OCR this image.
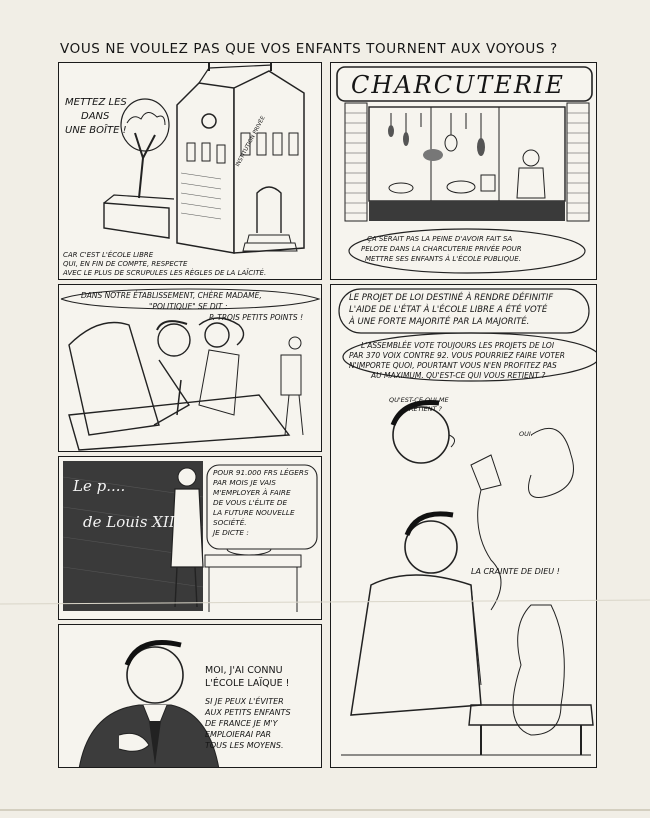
VOUS NE VOULEZ PAS QUE VOS ENFANTS TOURNENT AUX VOYOUS ?
METTEZ LES
DANS
UNE BOÎTE !	INSTITUTION PRIVÉE
CAR C'EST L'ÉCOLE LIBRE
QUI, EN FIN DE COMPTE, RESPECTE
AVEC LE PLUS DE SCRUPULES LES RÈGLES DE LA LAÏCITÉ.
CHARCUTERIE
ÇA SERAIT PAS LA PEINE D'AVOIR FAIT SA
PELOTE DANS LA CHARCUTERIE PRIVÉE POUR
METTRE SES ENFANTS À L'ÉCOLE PUBLIQUE.
DANS NOTRE ÉTABLISSEMENT, CHÈRE MADAME,
"POLITIQUE" SE DIT :
P. TROIS PETITS POINTS !
LE PROJET DE LOI DESTINÉ À RENDRE DÉFINITIF
L'AIDE DE L'ÉTAT À L'ÉCOLE LIBRE A ÉTÉ VOTÉ
À UNE FORTE MAJORITÉ PAR LA MAJORITÉ.
L'ASSEMBLÉE VOTE TOUJOURS LES PROJETS DE LOI
PAR 370 VOIX CONTRE 92. VOUS POURRIEZ FAIRE VOTER
N'IMPORTE QUOI, POURTANT VOUS N'EN PROFITEZ PAS
AU MAXIMUM. QU'EST-CE QUI VOUS RETIENT ?
QU'EST-CE QUI ME
RETIENT ?
OUI.
LA CRAINTE DE DIEU !
Le p....
de Louis XIII
POUR 91.000 FRS LÉGERS
PAR MOIS JE VAIS
M'EMPLOYER À FAIRE
DE VOUS L'ÉLITE DE
LA FUTURE NOUVELLE
SOCIÉTÉ.
JE DICTE :
MOI, J'AI CONNU
L'ÉCOLE LAÏQUE !
SI JE PEUX L'ÉVITER
AUX PETITS ENFANTS
DE FRANCE JE M'Y
EMPLOIERAI PAR
TOUS LES MOYENS.
